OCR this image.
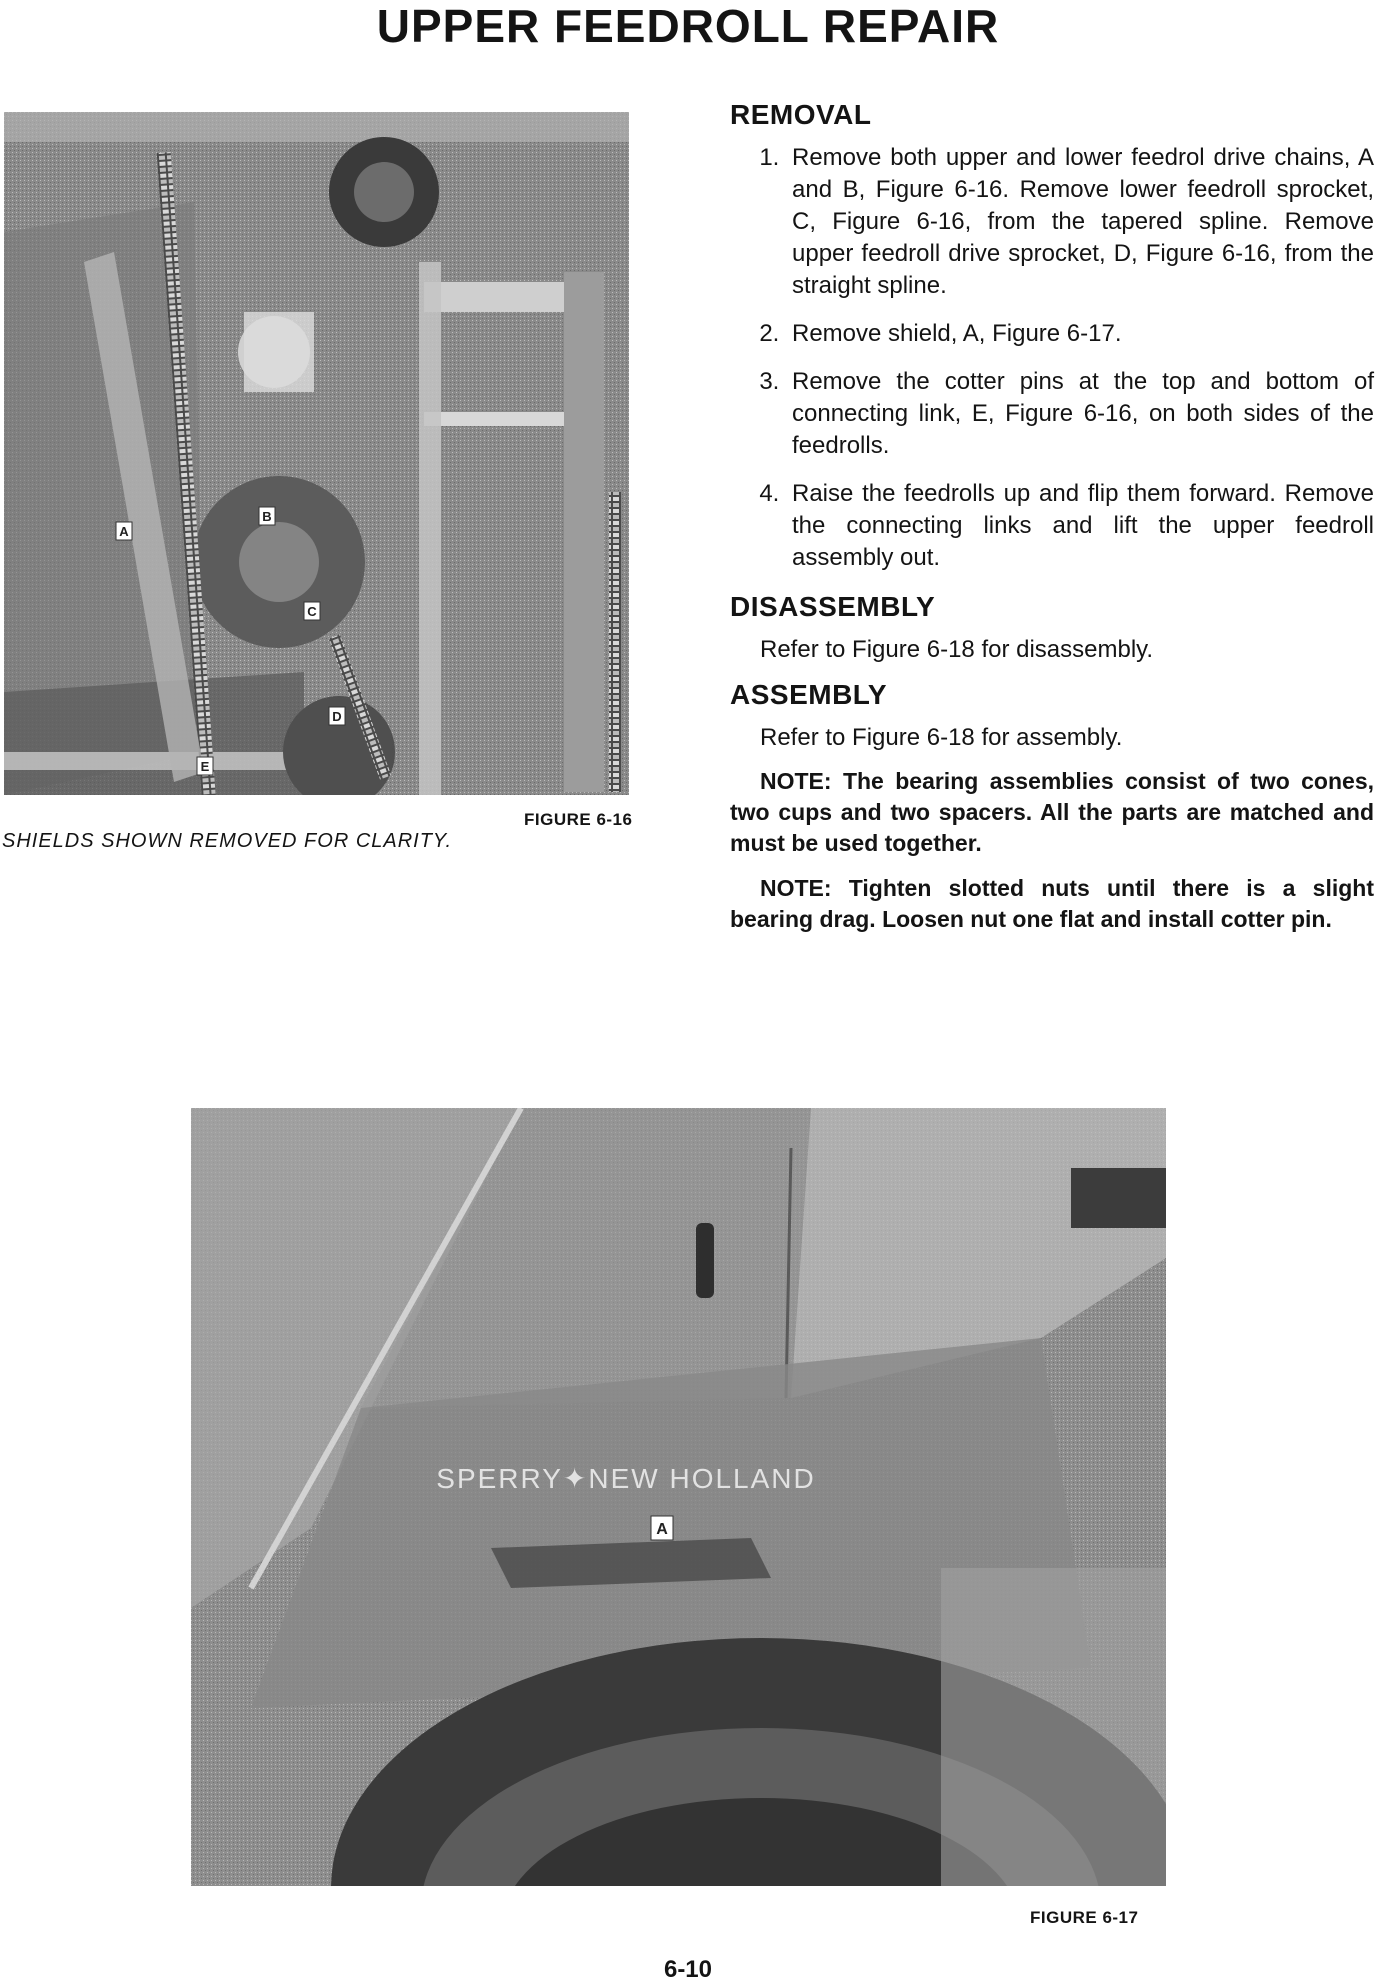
UPPER FEEDROLL REPAIR
A
B
C
D
E
FIGURE 6-16
SHIELDS SHOWN REMOVED FOR CLARITY.
REMOVAL
1. Remove both upper and lower feedrol drive chains, A and B, Figure 6-16. Remove lower feedroll sprocket, C, Figure 6-16, from the tapered spline. Remove upper feedroll drive sprocket, D, Figure 6-16, from the straight spline.
2. Remove shield, A, Figure 6-17.
3. Remove the cotter pins at the top and bottom of connecting link, E, Figure 6-16, on both sides of the feedrolls.
4. Raise the feedrolls up and flip them forward. Remove the connecting links and lift the upper feedroll assembly out.
DISASSEMBLY

Refer to Figure 6-18 for disassembly.

ASSEMBLY

Refer to Figure 6-18 for assembly.

NOTE: The bearing assemblies consist of two cones, two cups and two spacers. All the parts are matched and must be used together.

NOTE: Tighten slotted nuts until there is a slight bearing drag. Loosen nut one flat and install cotter pin.

SPERRY✦NEW HOLLAND
A
FIGURE 6-17
6-10
